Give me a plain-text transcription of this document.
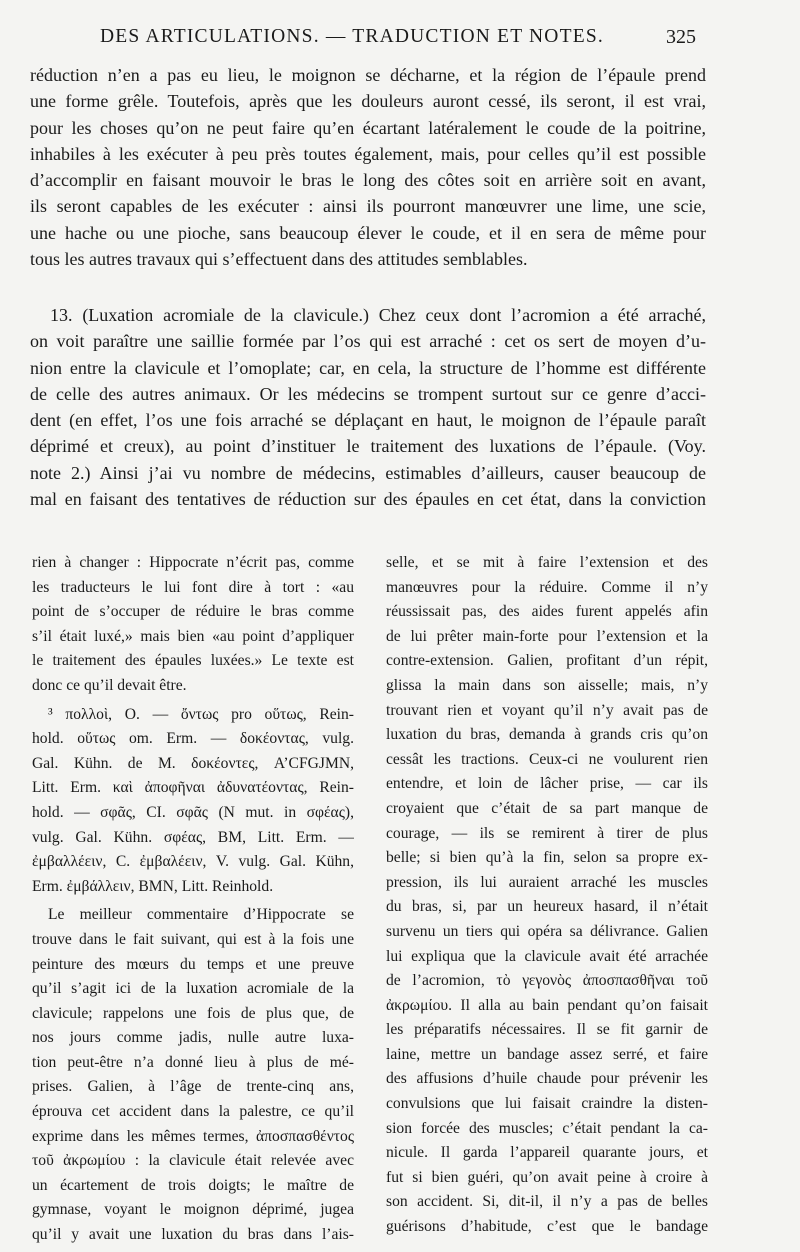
DES ARTICULATIONS. — TRADUCTION ET NOTES.	325
réduction n’en a pas eu lieu, le moignon se décharne, et la région de l’épaule prend
une forme grêle. Toutefois, après que les douleurs auront cessé, ils seront, il est vrai,
pour les choses qu’on ne peut faire qu’en écartant latéralement le coude de la poitrine,
inhabiles à les exécuter à peu près toutes également, mais, pour celles qu’il est possible
d’accomplir en faisant mouvoir le bras le long des côtes soit en arrière soit en avant,
ils seront capables de les exécuter : ainsi ils pourront manœuvrer une lime, une scie,
une hache ou une pioche, sans beaucoup élever le coude, et il en sera de même pour
tous les autres travaux qui s’effectuent dans des attitudes semblables.
13. (Luxation acromiale de la clavicule.) Chez ceux dont l’acromion a été arraché,
on voit paraître une saillie formée par l’os qui est arraché : cet os sert de moyen d’u-
nion entre la clavicule et l’omoplate; car, en cela, la structure de l’homme est différente
de celle des autres animaux. Or les médecins se trompent surtout sur ce genre d’acci-
dent (en effet, l’os une fois arraché se déplaçant en haut, le moignon de l’épaule paraît
déprimé et creux), au point d’instituer le traitement des luxations de l’épaule. (Voy.
note 2.) Ainsi j’ai vu nombre de médecins, estimables d’ailleurs, causer beaucoup de
mal en faisant des tentatives de réduction sur des épaules en cet état, dans la conviction
rien à changer : Hippocrate n’écrit pas, comme
les traducteurs le lui font dire à tort : «au
point de s’occuper de réduire le bras comme
s’il était luxé,» mais bien «au point d’appliquer
le traitement des épaules luxées.» Le texte est
donc ce qu’il devait être.
³ πολλοὶ, O. — ὄντως pro οὕτως, Rein-
hold. οὕτως om. Erm. — δοκέοντας, vulg.
Gal. Kühn. de M. δοκέοντες, A’CFGJMN,
Litt. Erm. καὶ ἀποφῆναι ἀδυνατέοντας, Rein-
hold. — σφᾶς, CI. σφᾶς (N mut. in σφέας),
vulg. Gal. Kühn. σφέας, BM, Litt. Erm. —
ἐμβαλλέειν, C. ἐμβαλέειν, V. vulg. Gal. Kühn,
Erm. ἐμβάλλειν, BMN, Litt. Reinhold.
Le meilleur commentaire d’Hippocrate se
trouve dans le fait suivant, qui est à la fois une
peinture des mœurs du temps et une preuve
qu’il s’agit ici de la luxation acromiale de la
clavicule; rappelons une fois de plus que, de
nos jours comme jadis, nulle autre luxa-
tion peut-être n’a donné lieu à plus de mé-
prises. Galien, à l’âge de trente-cinq ans,
éprouva cet accident dans la palestre, ce qu’il
exprime dans les mêmes termes, ἀποσπασθέντος
τοῦ ἀκρωμίου : la clavicule était relevée avec
un écartement de trois doigts; le maître de
gymnase, voyant le moignon déprimé, jugea
qu’il y avait une luxation du bras dans l’ais-
selle, et se mit à faire l’extension et des
manœuvres pour la réduire. Comme il n’y
réussissait pas, des aides furent appelés afin
de lui prêter main-forte pour l’extension et la
contre-extension. Galien, profitant d’un répit,
glissa la main dans son aisselle; mais, n’y
trouvant rien et voyant qu’il n’y avait pas de
luxation du bras, demanda à grands cris qu’on
cessât les tractions. Ceux-ci ne voulurent rien
entendre, et loin de lâcher prise, — car ils
croyaient que c’était de sa part manque de
courage, — ils se remirent à tirer de plus
belle; si bien qu’à la fin, selon sa propre ex-
pression, ils lui auraient arraché les muscles
du bras, si, par un heureux hasard, il n’était
survenu un tiers qui opéra sa délivrance. Galien
lui expliqua que la clavicule avait été arrachée
de l’acromion, τὸ γεγονὸς ἀποσπασθῆναι τοῦ
ἀκρωμίου. Il alla au bain pendant qu’on faisait
les préparatifs nécessaires. Il se fit garnir de
laine, mettre un bandage assez serré, et faire
des affusions d’huile chaude pour prévenir les
convulsions que lui faisait craindre la disten-
sion forcée des muscles; c’était pendant la ca-
nicule. Il garda l’appareil quarante jours, et
fut si bien guéri, qu’on avait peine à croire à
son accident. Si, dit-il, il n’y a pas de belles
guérisons d’habitude, c’est que le bandage
